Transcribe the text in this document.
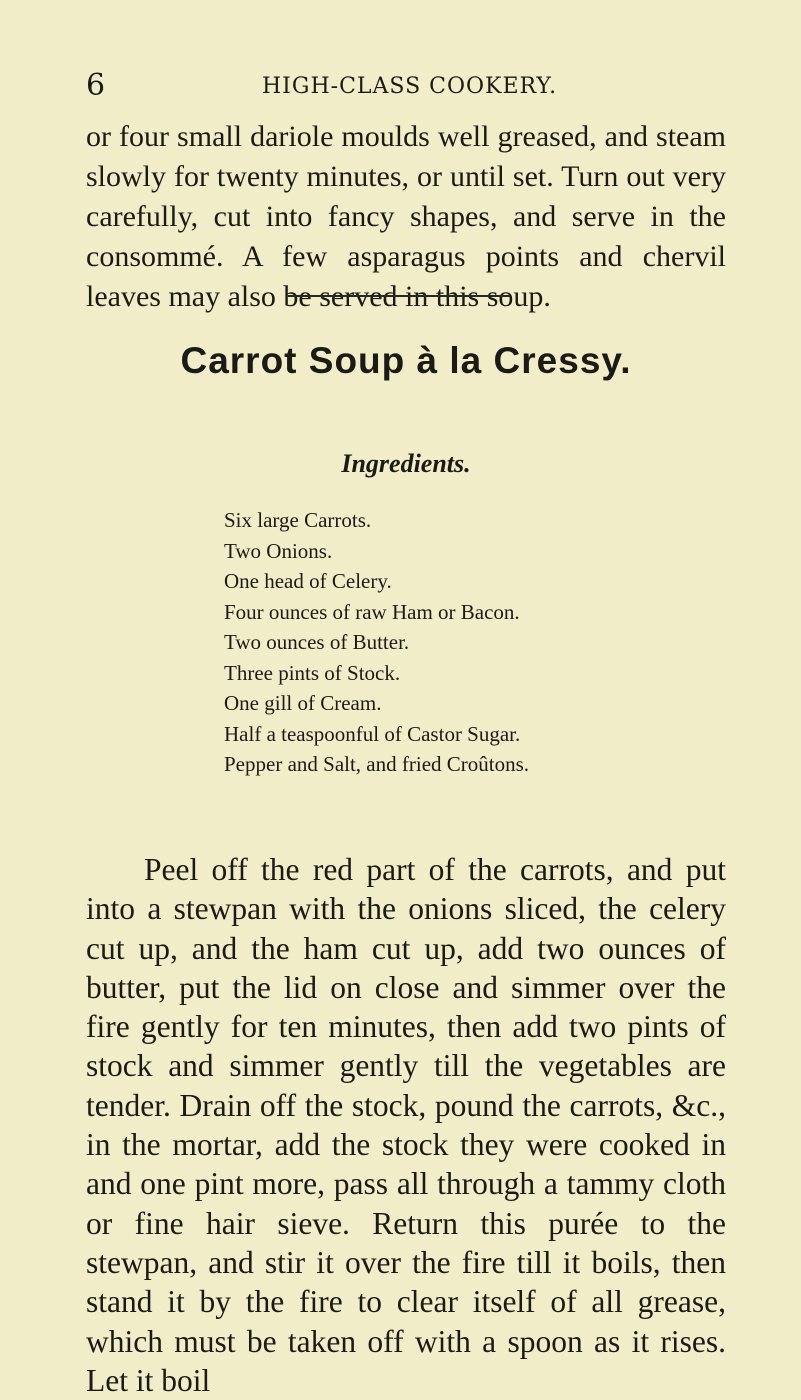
6	HIGH-CLASS COOKERY.

or four small dariole moulds well greased, and steam slowly for twenty minutes, or until set. Turn out very carefully, cut into fancy shapes, and serve in the consommé. A few asparagus points and chervil leaves may also be served in this soup.

Carrot Soup à la Cressy.
Ingredients.
Six large Carrots.
Two Onions.
One head of Celery.
Four ounces of raw Ham or Bacon.
Two ounces of Butter.
Three pints of Stock.
One gill of Cream.
Half a teaspoonful of Castor Sugar.
Pepper and Salt, and fried Croûtons.

Peel off the red part of the carrots, and put into a stewpan with the onions sliced, the celery cut up, and the ham cut up, add two ounces of butter, put the lid on close and simmer over the fire gently for ten minutes, then add two pints of stock and simmer gently till the vegetables are tender. Drain off the stock, pound the carrots, &c., in the mortar, add the stock they were cooked in and one pint more, pass all through a tammy cloth or fine hair sieve. Return this purée to the stewpan, and stir it over the fire till it boils, then stand it by the fire to clear itself of all grease, which must be taken off with a spoon as it rises. Let it boil
